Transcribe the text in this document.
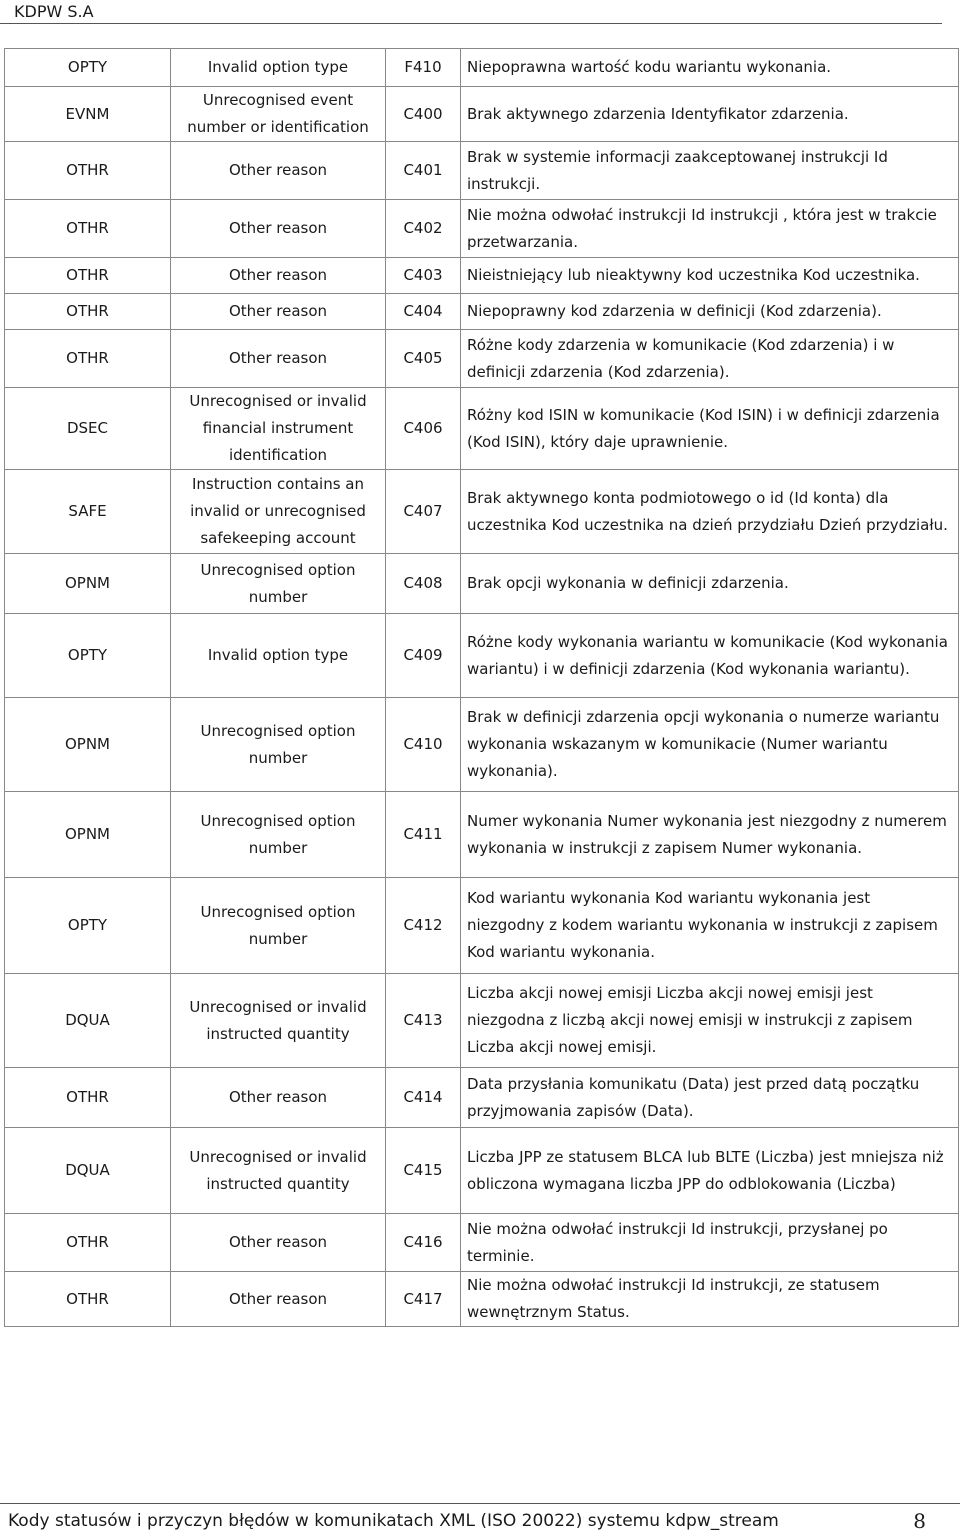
KDPW S.A
OPTY	Invalid option type	F410	Niepoprawna wartość kodu wariantu wykonania.
EVNM	Unrecognised event number or identification	C400	Brak aktywnego zdarzenia Identyfikator zdarzenia.
OTHR	Other reason	C401	Brak w systemie informacji zaakceptowanej instrukcji Id instrukcji.
OTHR	Other reason	C402	Nie można odwołać instrukcji Id instrukcji , która jest w trakcie przetwarzania.
OTHR	Other reason	C403	Nieistniejący lub nieaktywny kod uczestnika Kod uczestnika.
OTHR	Other reason	C404	Niepoprawny kod zdarzenia w definicji (Kod zdarzenia).
OTHR	Other reason	C405	Różne kody zdarzenia w komunikacie (Kod zdarzenia) i w definicji zdarzenia (Kod zdarzenia).
DSEC	Unrecognised or invalid financial instrument identification	C406	Różny kod ISIN w komunikacie (Kod ISIN) i w definicji zdarzenia (Kod ISIN), który daje uprawnienie.
SAFE	Instruction contains an invalid or unrecognised safekeeping account	C407	Brak aktywnego konta podmiotowego o id (Id konta) dla uczestnika Kod uczestnika na dzień przydziału Dzień przydziału.
OPNM	Unrecognised option number	C408	Brak opcji wykonania w definicji zdarzenia.
OPTY	Invalid option type	C409	Różne kody wykonania wariantu w komunikacie (Kod wykonania wariantu) i w definicji zdarzenia (Kod wykonania wariantu).
OPNM	Unrecognised option number	C410	Brak w definicji zdarzenia opcji wykonania o numerze wariantu wykonania wskazanym w komunikacie (Numer wariantu wykonania).
OPNM	Unrecognised option number	C411	Numer wykonania Numer wykonania jest niezgodny z numerem wykonania w instrukcji z zapisem Numer wykonania.
OPTY	Unrecognised option number	C412	Kod wariantu wykonania Kod wariantu wykonania jest niezgodny z kodem wariantu wykonania w instrukcji z zapisem Kod wariantu wykonania.
DQUA	Unrecognised or invalid instructed quantity	C413	Liczba akcji nowej emisji Liczba akcji nowej emisji jest niezgodna z liczbą akcji nowej emisji w instrukcji z zapisem Liczba akcji nowej emisji.
OTHR	Other reason	C414	Data przysłania komunikatu (Data) jest przed datą początku przyjmowania zapisów (Data).
DQUA	Unrecognised or invalid instructed quantity	C415	Liczba JPP ze statusem BLCA lub BLTE (Liczba) jest mniejsza niż obliczona wymagana liczba JPP do odblokowania (Liczba)
OTHR	Other reason	C416	Nie można odwołać instrukcji Id instrukcji, przysłanej po terminie.
OTHR	Other reason	C417	Nie można odwołać instrukcji Id instrukcji, ze statusem wewnętrznym Status.
Kody statusów i przyczyn błędów w komunikatach XML (ISO 20022) systemu kdpw_stream	8
